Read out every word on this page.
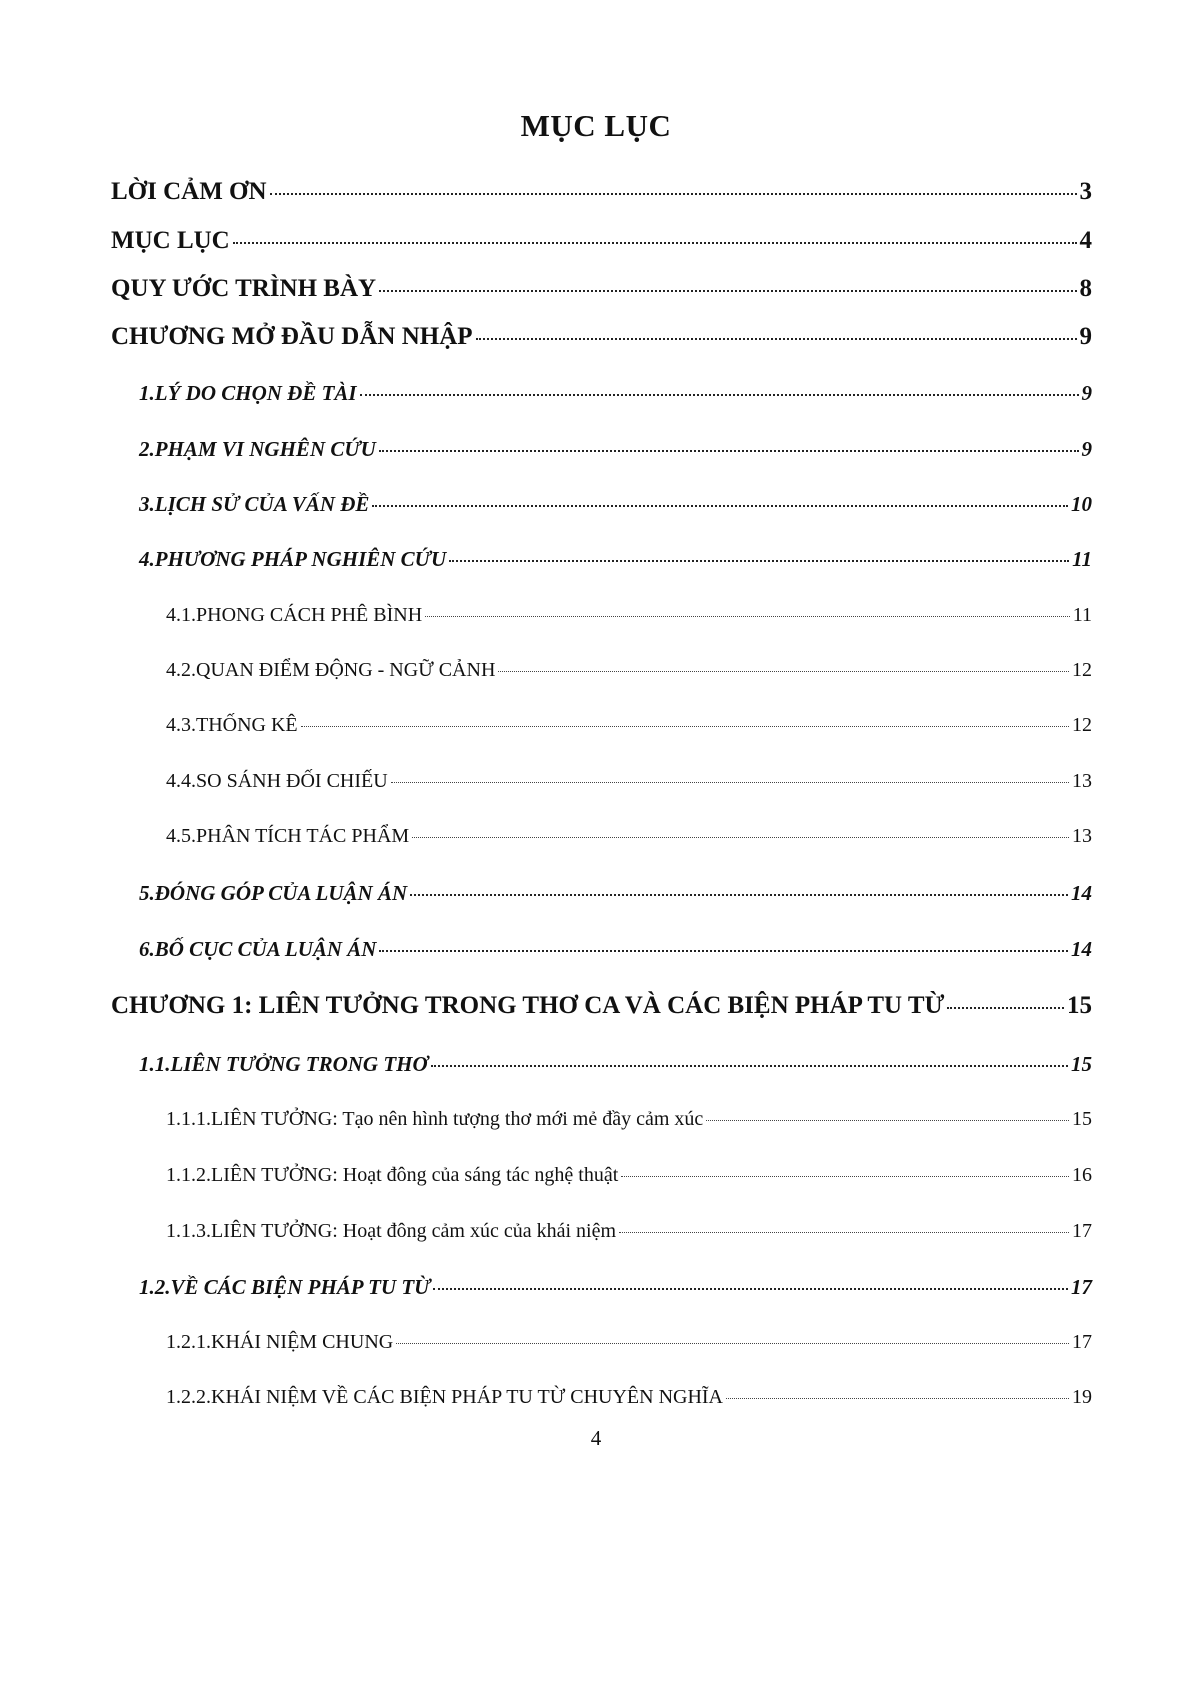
MỤC LỤC
LỜI CẢM ƠN	3
MỤC LỤC	4
QUY ƯỚC TRÌNH BÀY	8
CHƯƠNG MỞ ĐẦU DẪN NHẬP	9
1.LÝ DO CHỌN ĐỀ TÀI	9
2.PHẠM VI NGHÊN CỨU	9
3.LỊCH SỬ CỦA VẤN ĐỀ	10
4.PHƯƠNG PHÁP NGHIÊN CỨU	11
4.1.PHONG CÁCH PHÊ BÌNH	11
4.2.QUAN ĐIỂM ĐỘNG - NGỮ CẢNH	12
4.3.THỐNG KÊ	12
4.4.SO SÁNH ĐỐI CHIẾU	13
4.5.PHÂN TÍCH TÁC PHẨM	13
5.ĐÓNG GÓP CỦA LUẬN ÁN	14
6.BỐ CỤC CỦA LUẬN ÁN	14
CHƯƠNG 1: LIÊN TƯỞNG TRONG THƠ CA VÀ CÁC BIỆN PHÁP TU TỪ	15
1.1.LIÊN TƯỞNG TRONG THƠ	15
1.1.1.LIÊN TƯỞNG: Tạo nên hình tượng thơ mới mẻ đầy cảm xúc	15
1.1.2.LIÊN TƯỞNG: Hoạt đông của sáng tác nghệ thuật	16
1.1.3.LIÊN TƯỞNG: Hoạt đông cảm xúc của khái niệm	17
1.2.VỀ CÁC BIỆN PHÁP TU TỪ	17
1.2.1.KHÁI NIỆM CHUNG	17
1.2.2.KHÁI NIỆM VỀ CÁC BIỆN PHÁP TU TỪ CHUYÊN NGHĨA	19
4
